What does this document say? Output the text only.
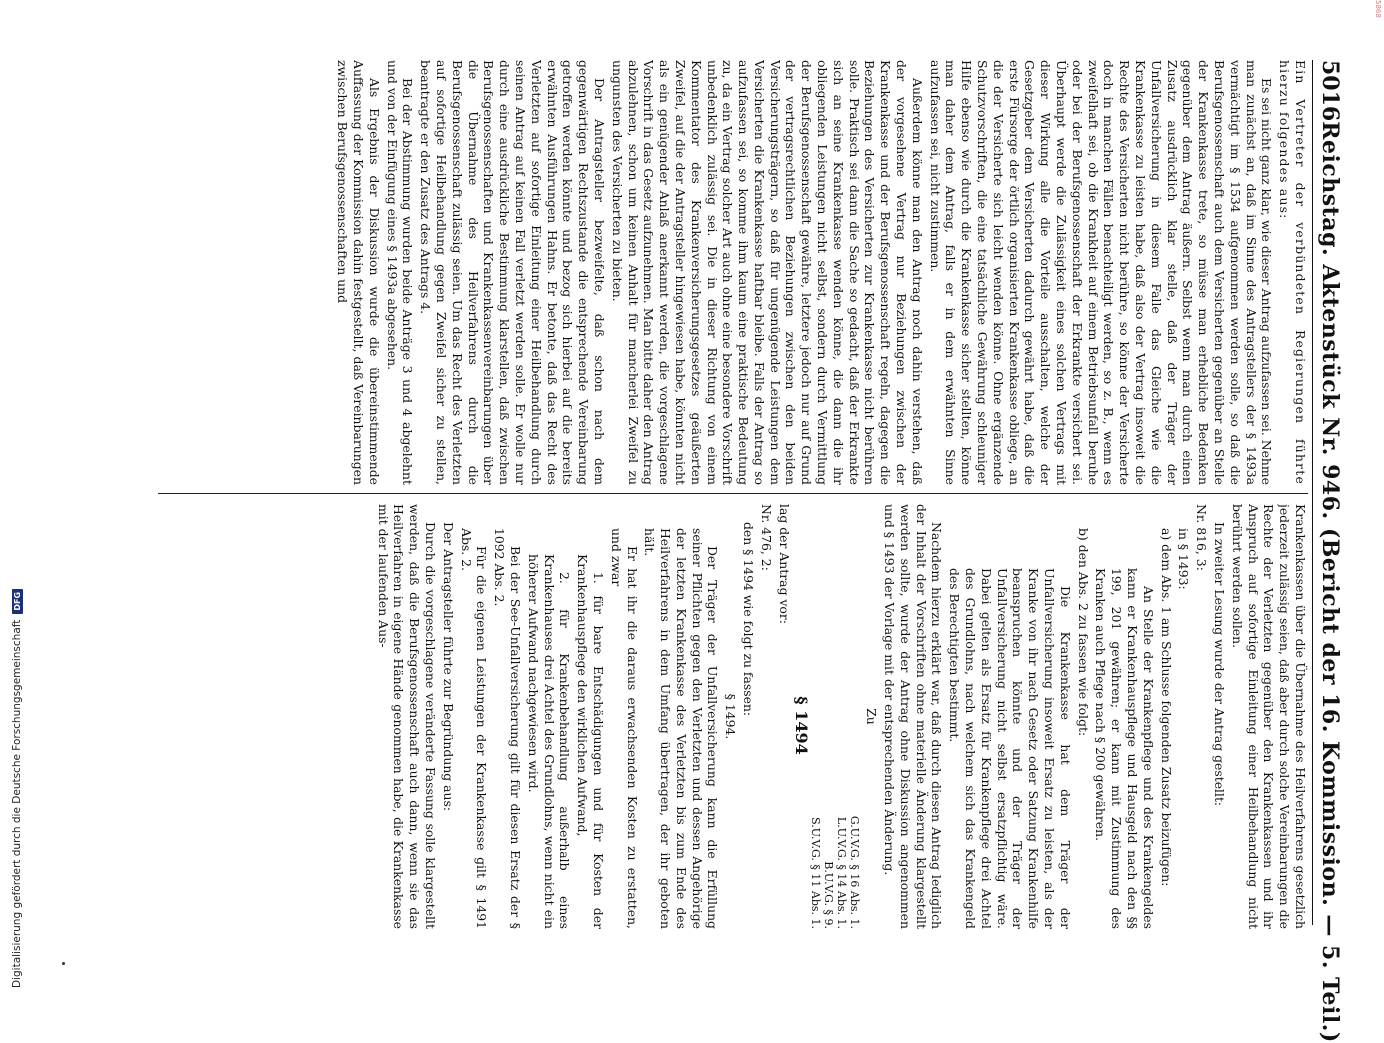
5016
Reichstag. Aktenstück Nr. 946. (Bericht der 16. Kommission. — 5. Teil.)

Ein Vertreter der verbündeten Regierungen führte hierzu folgendes aus:

Es sei nicht ganz klar, wie dieser Antrag aufzufassen sei. Nehme man zunächst an, daß im Sinne des Antragstellers der § 1493a vermächtigt im § 1534 aufgenommen werden solle, so daß die Berufsgenossenschaft auch dem Versicherten gegenüber an Stelle der Krankenkasse trete, so müsse man erhebliche Bedenken gegenüber dem Antrag äußern. Selbst wenn man durch einen Zusatz ausdrücklich klar stelle, daß der Träger der Unfallversicherung in diesem Falle das Gleiche wie die Krankenkasse zu leisten habe, daß also der Vertrag insoweit die Rechte des Versicherten nicht berühre, so könne der Versicherte doch in manchen Fällen benachteiligt werden, so z. B., wenn es zweifelhaft sei, ob die Krankheit auf einem Betriebsunfall beruhe oder bei der Berufsgenossenschaft der Erkrankte versichert sei. Überhaupt werde die Zulässigkeit eines solchen Vertrags mit dieser Wirkung alle die Vorteile ausschalten, welche der Gesetzgeber dem Versicherten dadurch gewährt habe, daß die erste Fürsorge der örtlich organisierten Krankenkasse obliege, an die der Versicherte sich leicht wenden könne. Ohne ergänzende Schutzvorschriften, die eine tatsächliche Gewährung schleuniger Hilfe ebenso wie durch die Krankenkasse sicher stellten, könne man daher dem Antrag, falls er in dem erwähnten Sinne aufzufassen sei, nicht zustimmen.

Außerdem könne man den Antrag noch dahin verstehen, daß der vorgesehene Vertrag nur Beziehungen zwischen der Krankenkasse und der Berufsgenossenschaft regeln, dagegen die Beziehungen des Versicherten zur Krankenkasse nicht berühren solle. Praktisch sei dann die Sache so gedacht, daß der Erkrankte sich an seine Krankenkasse wenden könne, die dann die ihr obliegenden Leistungen nicht selbst, sondern durch Vermittlung der Berufsgenossenschaft gewähre, letztere jedoch nur auf Grund der vertragsrechtlichen Beziehungen zwischen den beiden Versicherungsträgern, so daß für ungenügende Leistungen dem Versicherten die Krankenkasse haftbar bleibe. Falls der Antrag so aufzufassen sei, so komme ihm kaum eine praktische Bedeutung zu, da ein Vertrag solcher Art auch ohne eine besondere Vorschrift unbedenklich zulässig sei. Die in dieser Richtung von einem Kommentator des Krankenversicherungsgesetzes geäußerten Zweifel, auf die der Antragsteller hingewiesen habe, könnten nicht als ein genügender Anlaß anerkannt werden, die vorgeschlagene Vorschrift in das Gesetz aufzunehmen. Man bitte daher den Antrag abzulehnen, schon um keinen Anhalt für mancherlei Zweifel zu ungunsten des Versicherten zu bieten.

Der Antragsteller bezweifelte, daß schon nach dem gegenwärtigen Rechtszustande die entsprechende Vereinbarung getroffen werden könnte und bezog sich hierbei auf die bereits erwähnten Ausführungen Hahns. Er betonte, daß das Recht des Verletzten auf sofortige Einleitung einer Heilbehandlung durch seinen Antrag auf keinen Fall verletzt werden solle. Er wolle nur durch eine ausdrückliche Bestimmung klarstellen, daß zwischen Berufsgenossenschaften und Krankenkassenvereinbarungen über die Übernahme des Heilverfahrens durch die Berufsgenossenschaft zulässig seien. Um das Recht des Verletzten auf sofortige Heilbehandlung gegen Zweifel sicher zu stellen, beantragte er den Zusatz des Antrags 4.

Bei der Abstimmung wurden beide Anträge 3 und 4 abgelehnt und von der Einfügung eines § 1493a abgesehen.

Als Ergebnis der Diskussion wurde die übereinstimmende Auffassung der Kommission dahin festgestellt, daß Vereinbarungen zwischen Berufsgenossenschaften und

Krankenkassen über die Übernahme des Heilverfahrens gesetzlich jederzeit zulässig seien, daß aber durch solche Vereinbarungen die Rechte der Verletzten gegenüber den Krankenkassen und ihr Anspruch auf sofortige Einleitung einer Heilbehandlung nicht berührt werden sollen.

In zweiter Lesung wurde der Antrag gestellt:

Nr. 816, 3:

in § 1493:

a) dem Abs. 1 am Schlusse folgenden Zusatz beizufügen:

An Stelle der Krankenpflege und des Krankengeldes kann er Krankenhauspflege und Hausgeld nach den §§ 199, 201 gewähren; er kann mit Zustimmung des Kranken auch Pflege nach § 200 gewähren.

b) den Abs. 2 zu fassen wie folgt:

Die Krankenkasse hat dem Träger der Unfallversicherung insoweit Ersatz zu leisten, als der Kranke von ihr nach Gesetz oder Satzung Krankenhilfe beanspruchen könnte und der Träger der Unfallversicherung nicht selbst ersatzpflichtig wäre. Dabei gelten als Ersatz für Krankenpflege drei Achtel des Grundlohns, nach welchem sich das Krankengeld des Berechtigten bestimmt.

Nachdem hierzu erklärt war, daß durch diesen Antrag lediglich der Inhalt der Vorschriften ohne materielle Änderung klargestellt werden sollte, wurde der Antrag ohne Diskussion angenommen und § 1493 der Vorlage mit der entsprechenden Änderung.

Zu

G.U.V.G. § 16 Abs. 1.
L.U.V.G. § 14 Abs. 1.
B.U.V.G. § 9.
S.U.V.G. § 11 Abs. 1.

§ 1494

lag der Antrag vor:

Nr. 476, 2:

den § 1494 wie folgt zu fassen:

§ 1494.

Der Träger der Unfallversicherung kann die Erfüllung seiner Pflichten gegen den Verletzten und dessen Angehörige der letzten Krankenkasse des Verletzten bis zum Ende des Heilverfahrens in dem Umfang übertragen, der ihr geboten hält.

Er hat ihr die daraus erwachsenden Kosten zu erstatten, und zwar

1. für bare Entschädigungen und für Kosten der Krankenhauspflege den wirklichen Aufwand,

2. für Krankenbehandlung außerhalb eines Krankenhauses drei Achtel des Grundlohns, wenn nicht ein höherer Aufwand nachgewiesen wird.

Bei der See-Unfallversicherung gilt für diesen Ersatz der § 1092 Abs. 2.

Für die eigenen Leistungen der Krankenkasse gilt § 1491 Abs. 2.

Der Antragsteller führte zur Begründung aus:

Durch die vorgeschlagene veränderte Fassung solle klargestellt werden, daß die Berufsgenossenschaft auch dann, wenn sie das Heilverfahren in eigene Hände genommen habe, die Krankenkasse mit der laufenden Aus-

Digitalisierung gefördert durch die Deutsche Forschungsgemeinschaft
DFG
5868
